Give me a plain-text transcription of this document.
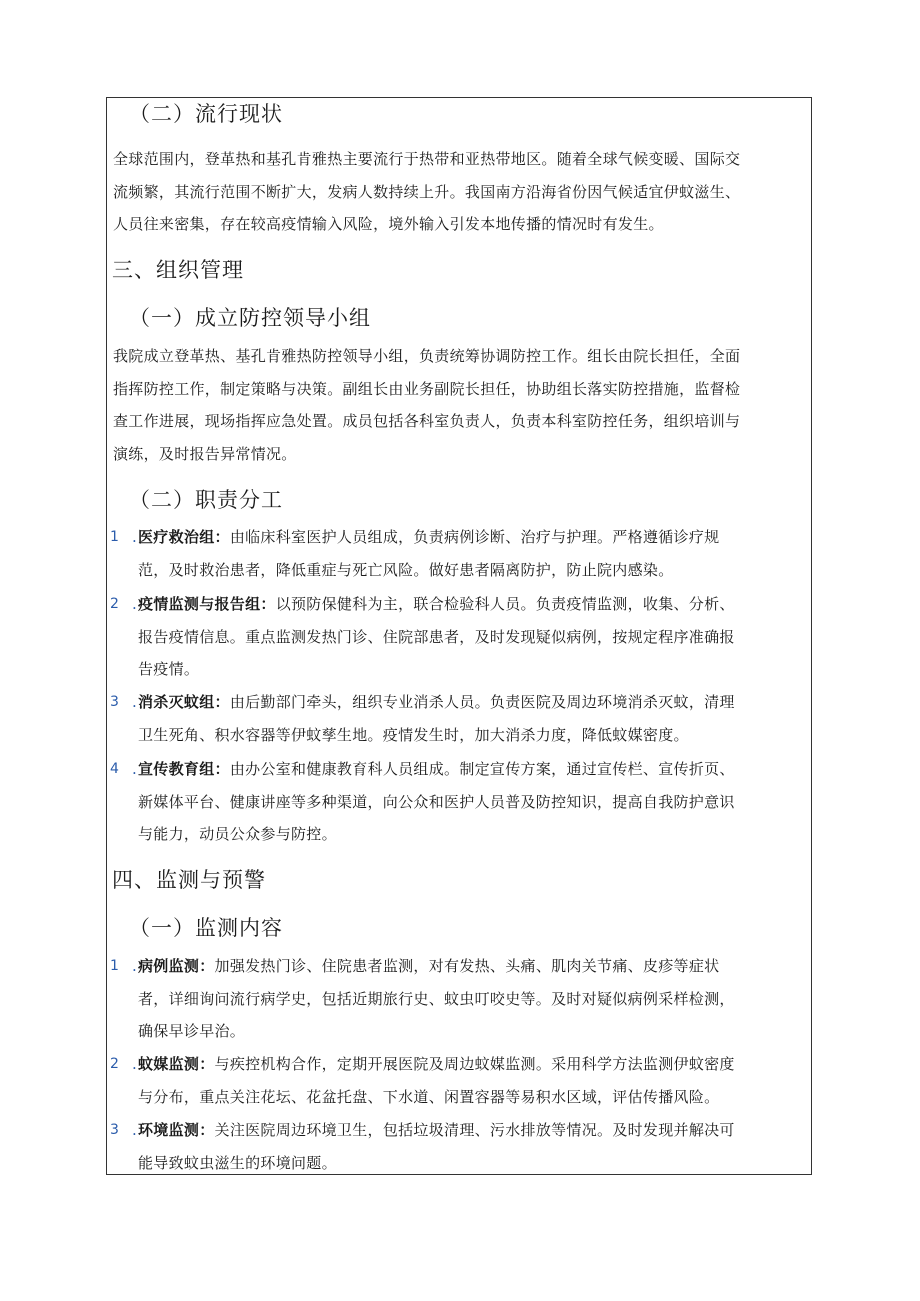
（二）流行现状
全球范围内，登革热和基孔肯雅热主要流行于热带和亚热带地区。随着全球气候变暖、国际交
流频繁，其流行范围不断扩大，发病人数持续上升。我国南方沿海省份因气候适宜伊蚊滋生、
人员往来密集，存在较高疫情输入风险，境外输入引发本地传播的情况时有发生。
三、组织管理
（一）成立防控领导小组
我院成立登革热、基孔肯雅热防控领导小组，负责统筹协调防控工作。组长由院长担任，全面
指挥防控工作，制定策略与决策。副组长由业务副院长担任，协助组长落实防控措施，监督检
查工作进展，现场指挥应急处置。成员包括各科室负责人，负责本科室防控任务，组织培训与
演练，及时报告异常情况。
（二）职责分工
1 . 医疗救治组：由临床科室医护人员组成，负责病例诊断、治疗与护理。严格遵循诊疗规
范，及时救治患者，降低重症与死亡风险。做好患者隔离防护，防止院内感染。
2 . 疫情监测与报告组：以预防保健科为主，联合检验科人员。负责疫情监测，收集、分析、
报告疫情信息。重点监测发热门诊、住院部患者，及时发现疑似病例，按规定程序准确报
告疫情。
3 . 消杀灭蚊组：由后勤部门牵头，组织专业消杀人员。负责医院及周边环境消杀灭蚊，清理
卫生死角、积水容器等伊蚊孳生地。疫情发生时，加大消杀力度，降低蚊媒密度。
4 . 宣传教育组：由办公室和健康教育科人员组成。制定宣传方案，通过宣传栏、宣传折页、
新媒体平台、健康讲座等多种渠道，向公众和医护人员普及防控知识，提高自我防护意识
与能力，动员公众参与防控。
四、监测与预警
（一）监测内容
1 . 病例监测：加强发热门诊、住院患者监测，对有发热、头痛、肌肉关节痛、皮疹等症状
者，详细询问流行病学史，包括近期旅行史、蚊虫叮咬史等。及时对疑似病例采样检测，
确保早诊早治。
2 . 蚊媒监测：与疾控机构合作，定期开展医院及周边蚊媒监测。采用科学方法监测伊蚊密度
与分布，重点关注花坛、花盆托盘、下水道、闲置容器等易积水区域，评估传播风险。
3 . 环境监测：关注医院周边环境卫生，包括垃圾清理、污水排放等情况。及时发现并解决可
能导致蚊虫滋生的环境问题。
